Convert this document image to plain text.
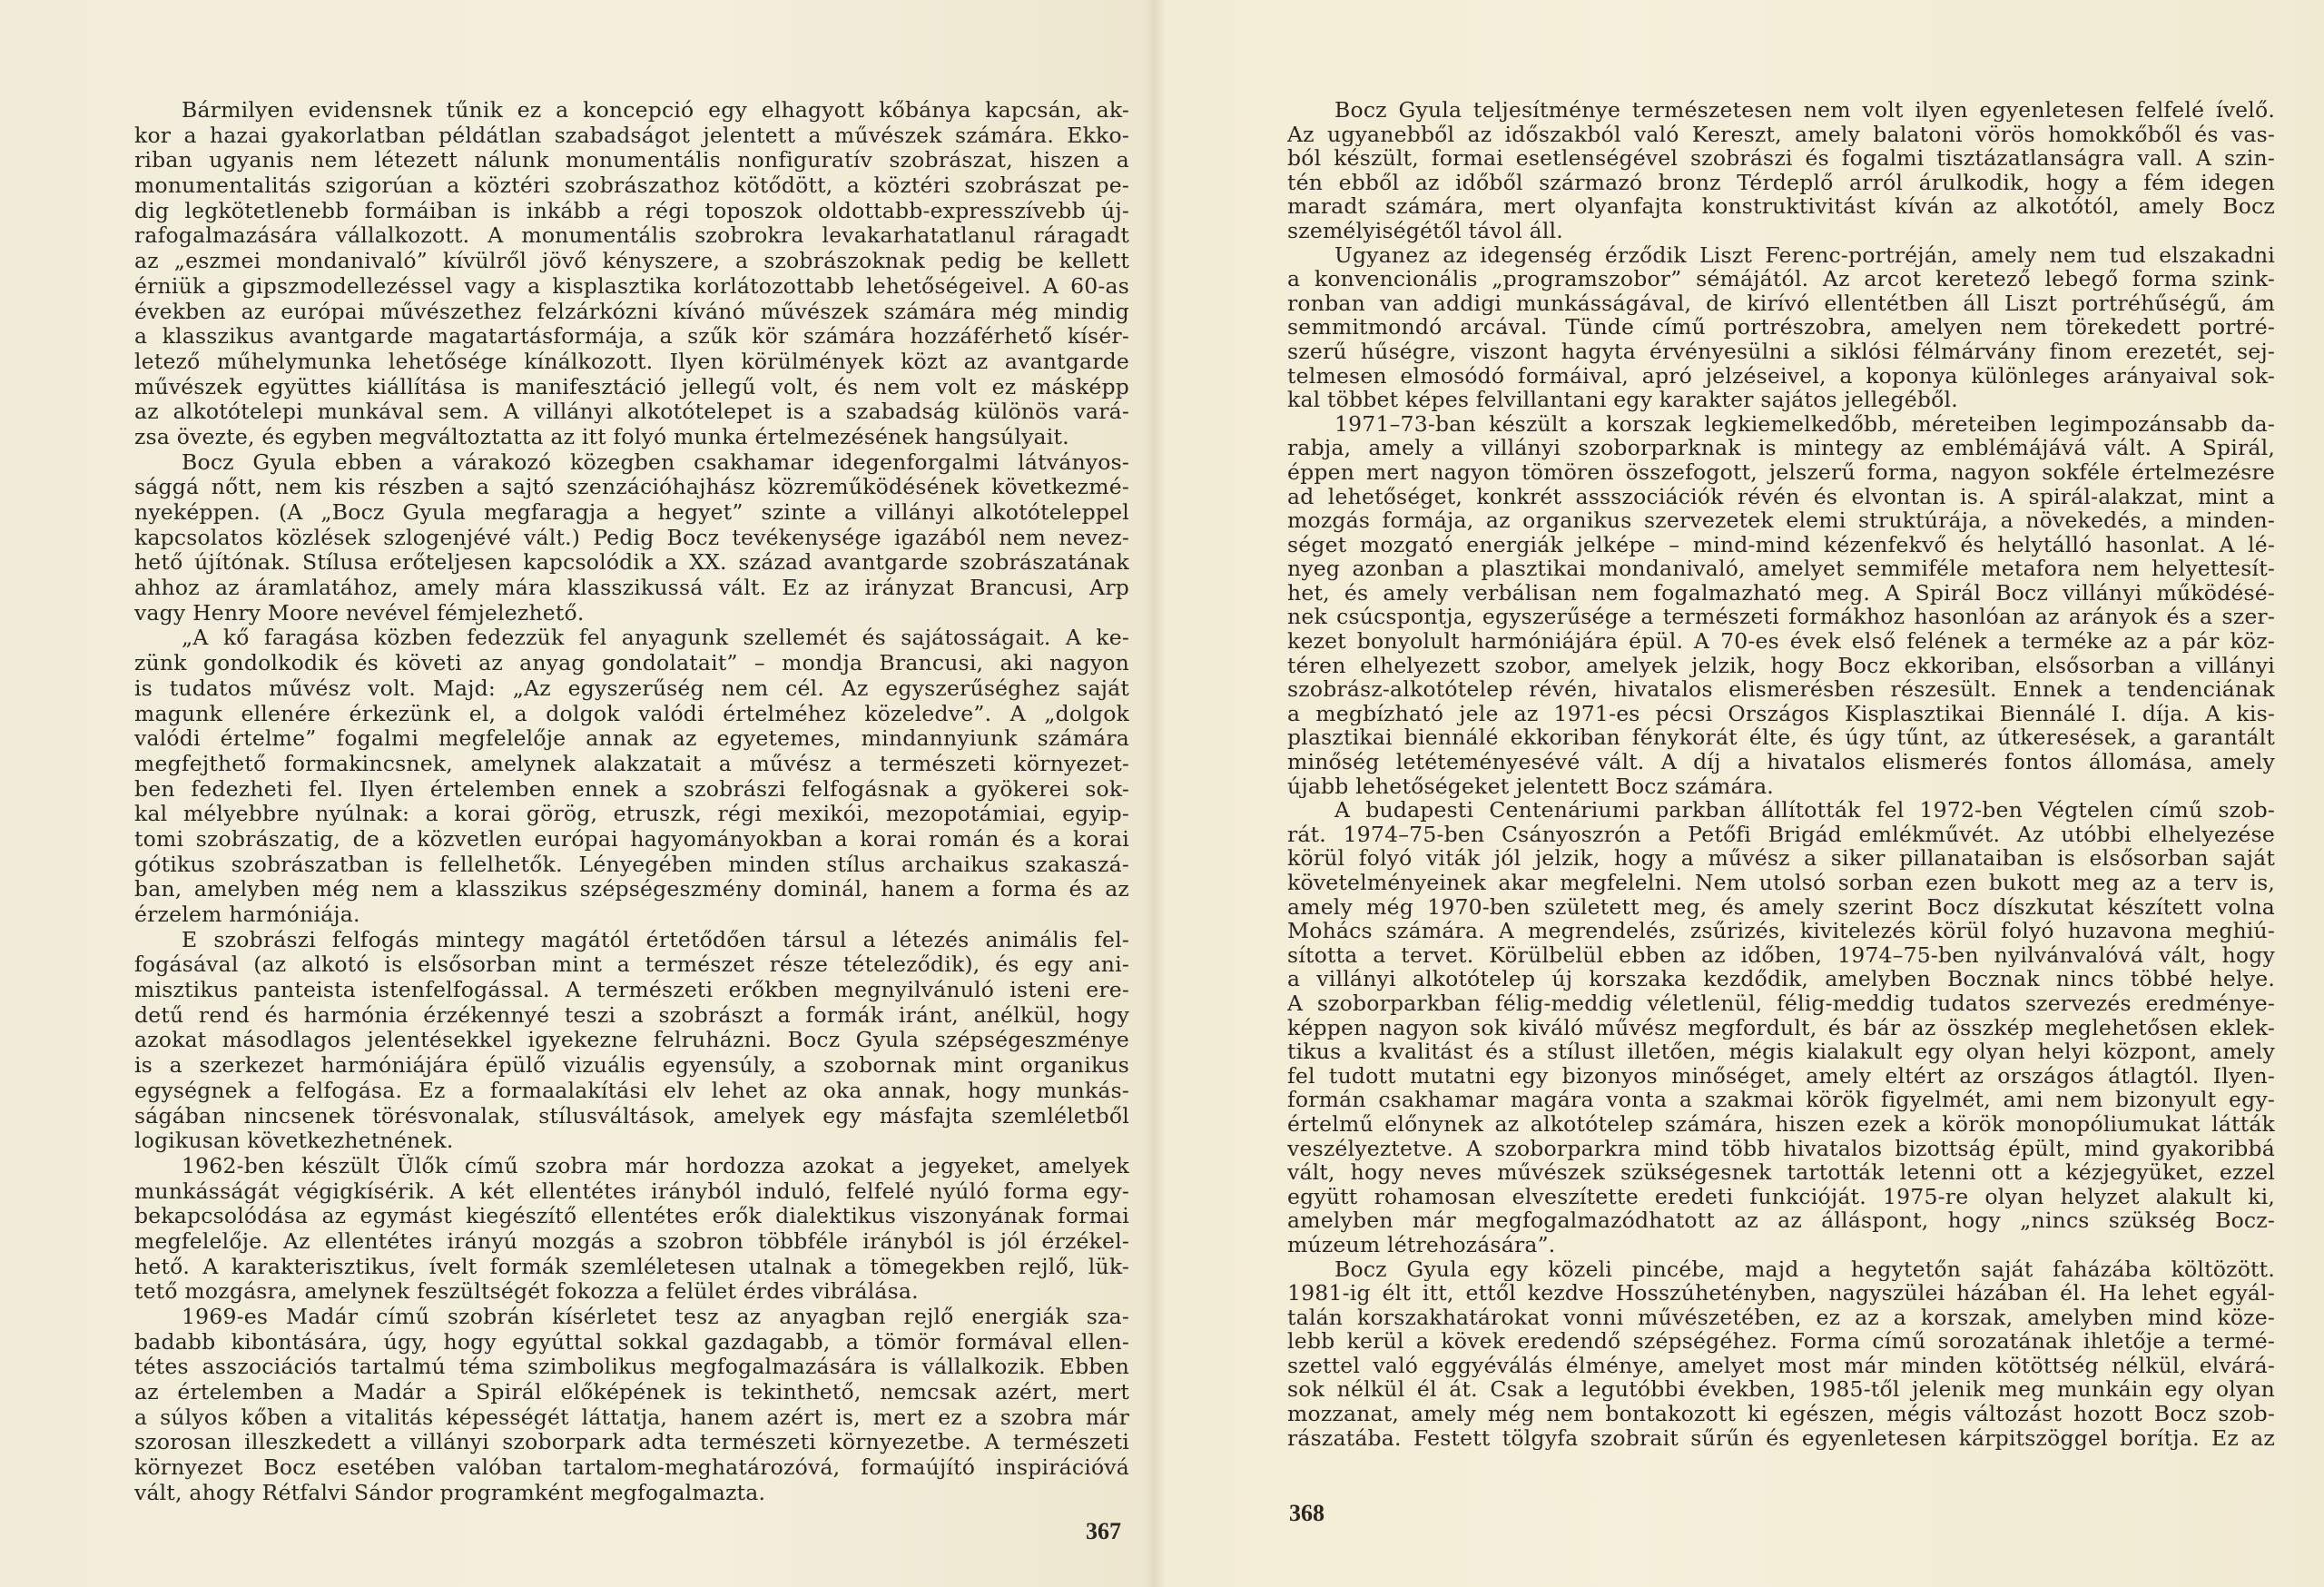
Bármilyen evidensnek tűnik ez a koncepció egy elhagyott kőbánya kapcsán, ak-
kor a hazai gyakorlatban példátlan szabadságot jelentett a művészek számára. Ekko-
riban ugyanis nem létezett nálunk monumentális nonfiguratív szobrászat, hiszen a
monumentalitás szigorúan a köztéri szobrászathoz kötődött, a köztéri szobrászat pe-
dig legkötetlenebb formáiban is inkább a régi toposzok oldottabb-expresszívebb új-
rafogalmazására vállalkozott. A monumentális szobrokra levakarhatatlanul ráragadt
az „eszmei mondanivaló” kívülről jövő kényszere, a szobrászoknak pedig be kellett
érniük a gipszmodellezéssel vagy a kisplasztika korlátozottabb lehetőségeivel. A 60-as
években az európai művészethez felzárkózni kívánó művészek számára még mindig
a klasszikus avantgarde magatartásformája, a szűk kör számára hozzáférhető kísér-
letező műhelymunka lehetősége kínálkozott. Ilyen körülmények közt az avantgarde
művészek együttes kiállítása is manifesztáció jellegű volt, és nem volt ez másképp
az alkotótelepi munkával sem. A villányi alkotótelepet is a szabadság különös vará-
zsa övezte, és egyben megváltoztatta az itt folyó munka értelmezésének hangsúlyait.
Bocz Gyula ebben a várakozó közegben csakhamar idegenforgalmi látványos-
sággá nőtt, nem kis részben a sajtó szenzációhajhász közreműködésének következmé-
nyeképpen. (A „Bocz Gyula megfaragja a hegyet” szinte a villányi alkotóteleppel
kapcsolatos közlések szlogenjévé vált.) Pedig Bocz tevékenysége igazából nem nevez-
hető újítónak. Stílusa erőteljesen kapcsolódik a XX. század avantgarde szobrászatának
ahhoz az áramlatához, amely mára klasszikussá vált. Ez az irányzat Brancusi, Arp
vagy Henry Moore nevével fémjelezhető.
„A kő faragása közben fedezzük fel anyagunk szellemét és sajátosságait. A ke-
zünk gondolkodik és követi az anyag gondolatait” – mondja Brancusi, aki nagyon
is tudatos művész volt. Majd: „Az egyszerűség nem cél. Az egyszerűséghez saját
magunk ellenére érkezünk el, a dolgok valódi értelméhez közeledve”. A „dolgok
valódi értelme” fogalmi megfelelője annak az egyetemes, mindannyiunk számára
megfejthető formakincsnek, amelynek alakzatait a művész a természeti környezet-
ben fedezheti fel. Ilyen értelemben ennek a szobrászi felfogásnak a gyökerei sok-
kal mélyebbre nyúlnak: a korai görög, etruszk, régi mexikói, mezopotámiai, egyip-
tomi szobrászatig, de a közvetlen európai hagyományokban a korai román és a korai
gótikus szobrászatban is fellelhetők. Lényegében minden stílus archaikus szakaszá-
ban, amelyben még nem a klasszikus szépségeszmény dominál, hanem a forma és az
érzelem harmóniája.
E szobrászi felfogás mintegy magától értetődően társul a létezés animális fel-
fogásával (az alkotó is elsősorban mint a természet része tételeződik), és egy ani-
misztikus panteista istenfelfogással. A természeti erőkben megnyilvánuló isteni ere-
detű rend és harmónia érzékennyé teszi a szobrászt a formák iránt, anélkül, hogy
azokat másodlagos jelentésekkel igyekezne felruházni. Bocz Gyula szépségeszménye
is a szerkezet harmóniájára épülő vizuális egyensúly, a szobornak mint organikus
egységnek a felfogása. Ez a formaalakítási elv lehet az oka annak, hogy munkás-
ságában nincsenek törésvonalak, stílusváltások, amelyek egy másfajta szemléletből
logikusan következhetnének.
1962-ben készült Ülők című szobra már hordozza azokat a jegyeket, amelyek
munkásságát végigkísérik. A két ellentétes irányból induló, felfelé nyúló forma egy-
bekapcsolódása az egymást kiegészítő ellentétes erők dialektikus viszonyának formai
megfelelője. Az ellentétes irányú mozgás a szobron többféle irányból is jól érzékel-
hető. A karakterisztikus, ívelt formák szemléletesen utalnak a tömegekben rejlő, lük-
tető mozgásra, amelynek feszültségét fokozza a felület érdes vibrálása.
1969-es Madár című szobrán kísérletet tesz az anyagban rejlő energiák sza-
badabb kibontására, úgy, hogy egyúttal sokkal gazdagabb, a tömör formával ellen-
tétes asszociációs tartalmú téma szimbolikus megfogalmazására is vállalkozik. Ebben
az értelemben a Madár a Spirál előképének is tekinthető, nemcsak azért, mert
a súlyos kőben a vitalitás képességét láttatja, hanem azért is, mert ez a szobra már
szorosan illeszkedett a villányi szoborpark adta természeti környezetbe. A természeti
környezet Bocz esetében valóban tartalom-meghatározóvá, formaújító inspirációvá
vált, ahogy Rétfalvi Sándor programként megfogalmazta.
Bocz Gyula teljesítménye természetesen nem volt ilyen egyenletesen felfelé ívelő.
Az ugyanebből az időszakból való Kereszt, amely balatoni vörös homokkőből és vas-
ból készült, formai esetlenségével szobrászi és fogalmi tisztázatlanságra vall. A szin-
tén ebből az időből származó bronz Térdeplő arról árulkodik, hogy a fém idegen
maradt számára, mert olyanfajta konstruktivitást kíván az alkotótól, amely Bocz
személyiségétől távol áll.
Ugyanez az idegenség érződik Liszt Ferenc-portréján, amely nem tud elszakadni
a konvencionális „programszobor” sémájától. Az arcot keretező lebegő forma szink-
ronban van addigi munkásságával, de kirívó ellentétben áll Liszt portréhűségű, ám
semmitmondó arcával. Tünde című portrészobra, amelyen nem törekedett portré-
szerű hűségre, viszont hagyta érvényesülni a siklósi félmárvány finom erezetét, sej-
telmesen elmosódó formáival, apró jelzéseivel, a koponya különleges arányaival sok-
kal többet képes felvillantani egy karakter sajátos jellegéből.
1971–73-ban készült a korszak legkiemelkedőbb, méreteiben legimpozánsabb da-
rabja, amely a villányi szoborparknak is mintegy az emblémájává vált. A Spirál,
éppen mert nagyon tömören összefogott, jelszerű forma, nagyon sokféle értelmezésre
ad lehetőséget, konkrét assszociációk révén és elvontan is. A spirál-alakzat, mint a
mozgás formája, az organikus szervezetek elemi struktúrája, a növekedés, a minden-
séget mozgató energiák jelképe – mind-mind kézenfekvő és helytálló hasonlat. A lé-
nyeg azonban a plasztikai mondanivaló, amelyet semmiféle metafora nem helyettesít-
het, és amely verbálisan nem fogalmazható meg. A Spirál Bocz villányi működésé-
nek csúcspontja, egyszerűsége a természeti formákhoz hasonlóan az arányok és a szer-
kezet bonyolult harmóniájára épül. A 70-es évek első felének a terméke az a pár köz-
téren elhelyezett szobor, amelyek jelzik, hogy Bocz ekkoriban, elsősorban a villányi
szobrász-alkotótelep révén, hivatalos elismerésben részesült. Ennek a tendenciának
a megbízható jele az 1971-es pécsi Országos Kisplasztikai Biennálé I. díja. A kis-
plasztikai biennálé ekkoriban fénykorát élte, és úgy tűnt, az útkeresések, a garantált
minőség letéteményesévé vált. A díj a hivatalos elismerés fontos állomása, amely
újabb lehetőségeket jelentett Bocz számára.
A budapesti Centenáriumi parkban állították fel 1972-ben Végtelen című szob-
rát. 1974–75-ben Csányoszrón a Petőfi Brigád emlékművét. Az utóbbi elhelyezése
körül folyó viták jól jelzik, hogy a művész a siker pillanataiban is elsősorban saját
követelményeinek akar megfelelni. Nem utolsó sorban ezen bukott meg az a terv is,
amely még 1970-ben született meg, és amely szerint Bocz díszkutat készített volna
Mohács számára. A megrendelés, zsűrizés, kivitelezés körül folyó huzavona meghiú-
sította a tervet. Körülbelül ebben az időben, 1974–75-ben nyilvánvalóvá vált, hogy
a villányi alkotótelep új korszaka kezdődik, amelyben Bocznak nincs többé helye.
A szoborparkban félig-meddig véletlenül, félig-meddig tudatos szervezés eredménye-
képpen nagyon sok kiváló művész megfordult, és bár az összkép meglehetősen eklek-
tikus a kvalitást és a stílust illetően, mégis kialakult egy olyan helyi központ, amely
fel tudott mutatni egy bizonyos minőséget, amely eltért az országos átlagtól. Ilyen-
formán csakhamar magára vonta a szakmai körök figyelmét, ami nem bizonyult egy-
értelmű előnynek az alkotótelep számára, hiszen ezek a körök monopóliumukat látták
veszélyeztetve. A szoborparkra mind több hivatalos bizottság épült, mind gyakoribbá
vált, hogy neves művészek szükségesnek tartották letenni ott a kézjegyüket, ezzel
együtt rohamosan elveszítette eredeti funkcióját. 1975-re olyan helyzet alakult ki,
amelyben már megfogalmazódhatott az az álláspont, hogy „nincs szükség Bocz-
múzeum létrehozására”.
Bocz Gyula egy közeli pincébe, majd a hegytetőn saját faházába költözött.
1981-ig élt itt, ettől kezdve Hosszúhetényben, nagyszülei házában él. Ha lehet egyál-
talán korszakhatárokat vonni művészetében, ez az a korszak, amelyben mind köze-
lebb kerül a kövek eredendő szépségéhez. Forma című sorozatának ihletője a termé-
szettel való eggyéválás élménye, amelyet most már minden kötöttség nélkül, elvárá-
sok nélkül él át. Csak a legutóbbi években, 1985-től jelenik meg munkáin egy olyan
mozzanat, amely még nem bontakozott ki egészen, mégis változást hozott Bocz szob-
rászatába. Festett tölgyfa szobrait sűrűn és egyenletesen kárpitszöggel borítja. Ez az
367
368
